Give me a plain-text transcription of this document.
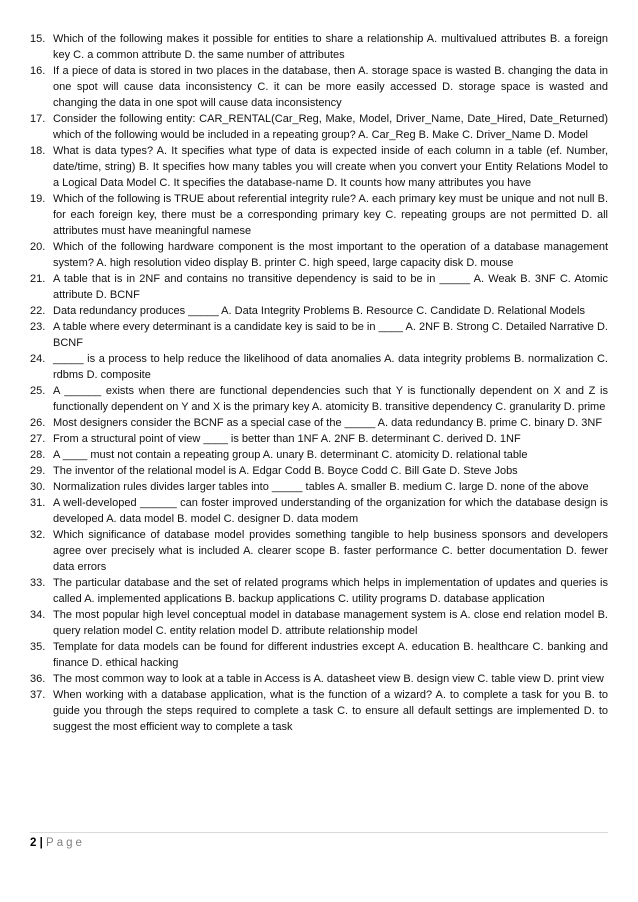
15. Which of the following makes it possible for entities to share a relationship A. multivalued attributes B. a foreign key C. a common attribute D. the same number of attributes
16. If a piece of data is stored in two places in the database, then A. storage space is wasted B. changing the data in one spot will cause data inconsistency C. it can be more easily accessed D. storage space is wasted and changing the data in one spot will cause data inconsistency
17. Consider the following entity: CAR_RENTAL(Car_Reg, Make, Model, Driver_Name, Date_Hired, Date_Returned) which of the following would be included in a repeating group? A. Car_Reg B. Make C. Driver_Name D. Model
18. What is data types? A. It specifies what type of data is expected inside of each column in a table (ef. Number, date/time, string) B. It specifies how many tables you will create when you convert your Entity Relations Model to a Logical Data Model C. It specifies the database-name D. It counts how many attributes you have
19. Which of the following is TRUE about referential integrity rule? A. each primary key must be unique and not null B. for each foreign key, there must be a corresponding primary key C. repeating groups are not permitted D. all attributes must have meaningful namese
20. Which of the following hardware component is the most important to the operation of a database management system? A. high resolution video display B. printer C. high speed, large capacity disk D. mouse
21. A table that is in 2NF and contains no transitive dependency is said to be in _____ A. Weak B. 3NF C. Atomic attribute D. BCNF
22. Data redundancy produces _____ A. Data Integrity Problems B. Resource C. Candidate D. Relational Models
23. A table where every determinant is a candidate key is said to be in ____ A. 2NF B. Strong C. Detailed Narrative D. BCNF
24. _____ is a process to help reduce the likelihood of data anomalies A. data integrity problems B. normalization C. rdbms D. composite
25. A ______ exists when there are functional dependencies such that Y is functionally dependent on X and Z is functionally dependent on Y and X is the primary key A. atomicity B. transitive dependency C. granularity D. prime
26. Most designers consider the BCNF as a special case of the _____ A. data redundancy B. prime C. binary D. 3NF
27. From a structural point of view ____ is better than 1NF A. 2NF B. determinant C. derived D. 1NF
28. A ____ must not contain a repeating group A. unary B. determinant C. atomicity D. relational table
29. The inventor of the relational model is A. Edgar Codd B. Boyce Codd C. Bill Gate D. Steve Jobs
30. Normalization rules divides larger tables into _____ tables A. smaller B. medium C. large D. none of the above
31. A well-developed ______ can foster improved understanding of the organization for which the database design is developed A. data model B. model C. designer D. data modem
32. Which significance of database model provides something tangible to help business sponsors and developers agree over precisely what is included A. clearer scope B. faster performance C. better documentation D. fewer data errors
33. The particular database and the set of related programs which helps in implementation of updates and queries is called A. implemented applications B. backup applications C. utility programs D. database application
34. The most popular high level conceptual model in database management system is A. close end relation model B. query relation model C. entity relation model D. attribute relationship model
35. Template for data models can be found for different industries except A. education B. healthcare C. banking and finance D. ethical hacking
36. The most common way to look at a table in Access is A. datasheet view B. design view C. table view D. print view
37. When working with a database application, what is the function of a wizard? A. to complete a task for you B. to guide you through the steps required to complete a task C. to ensure all default settings are implemented D. to suggest the most efficient way to complete a task
2 | Page
